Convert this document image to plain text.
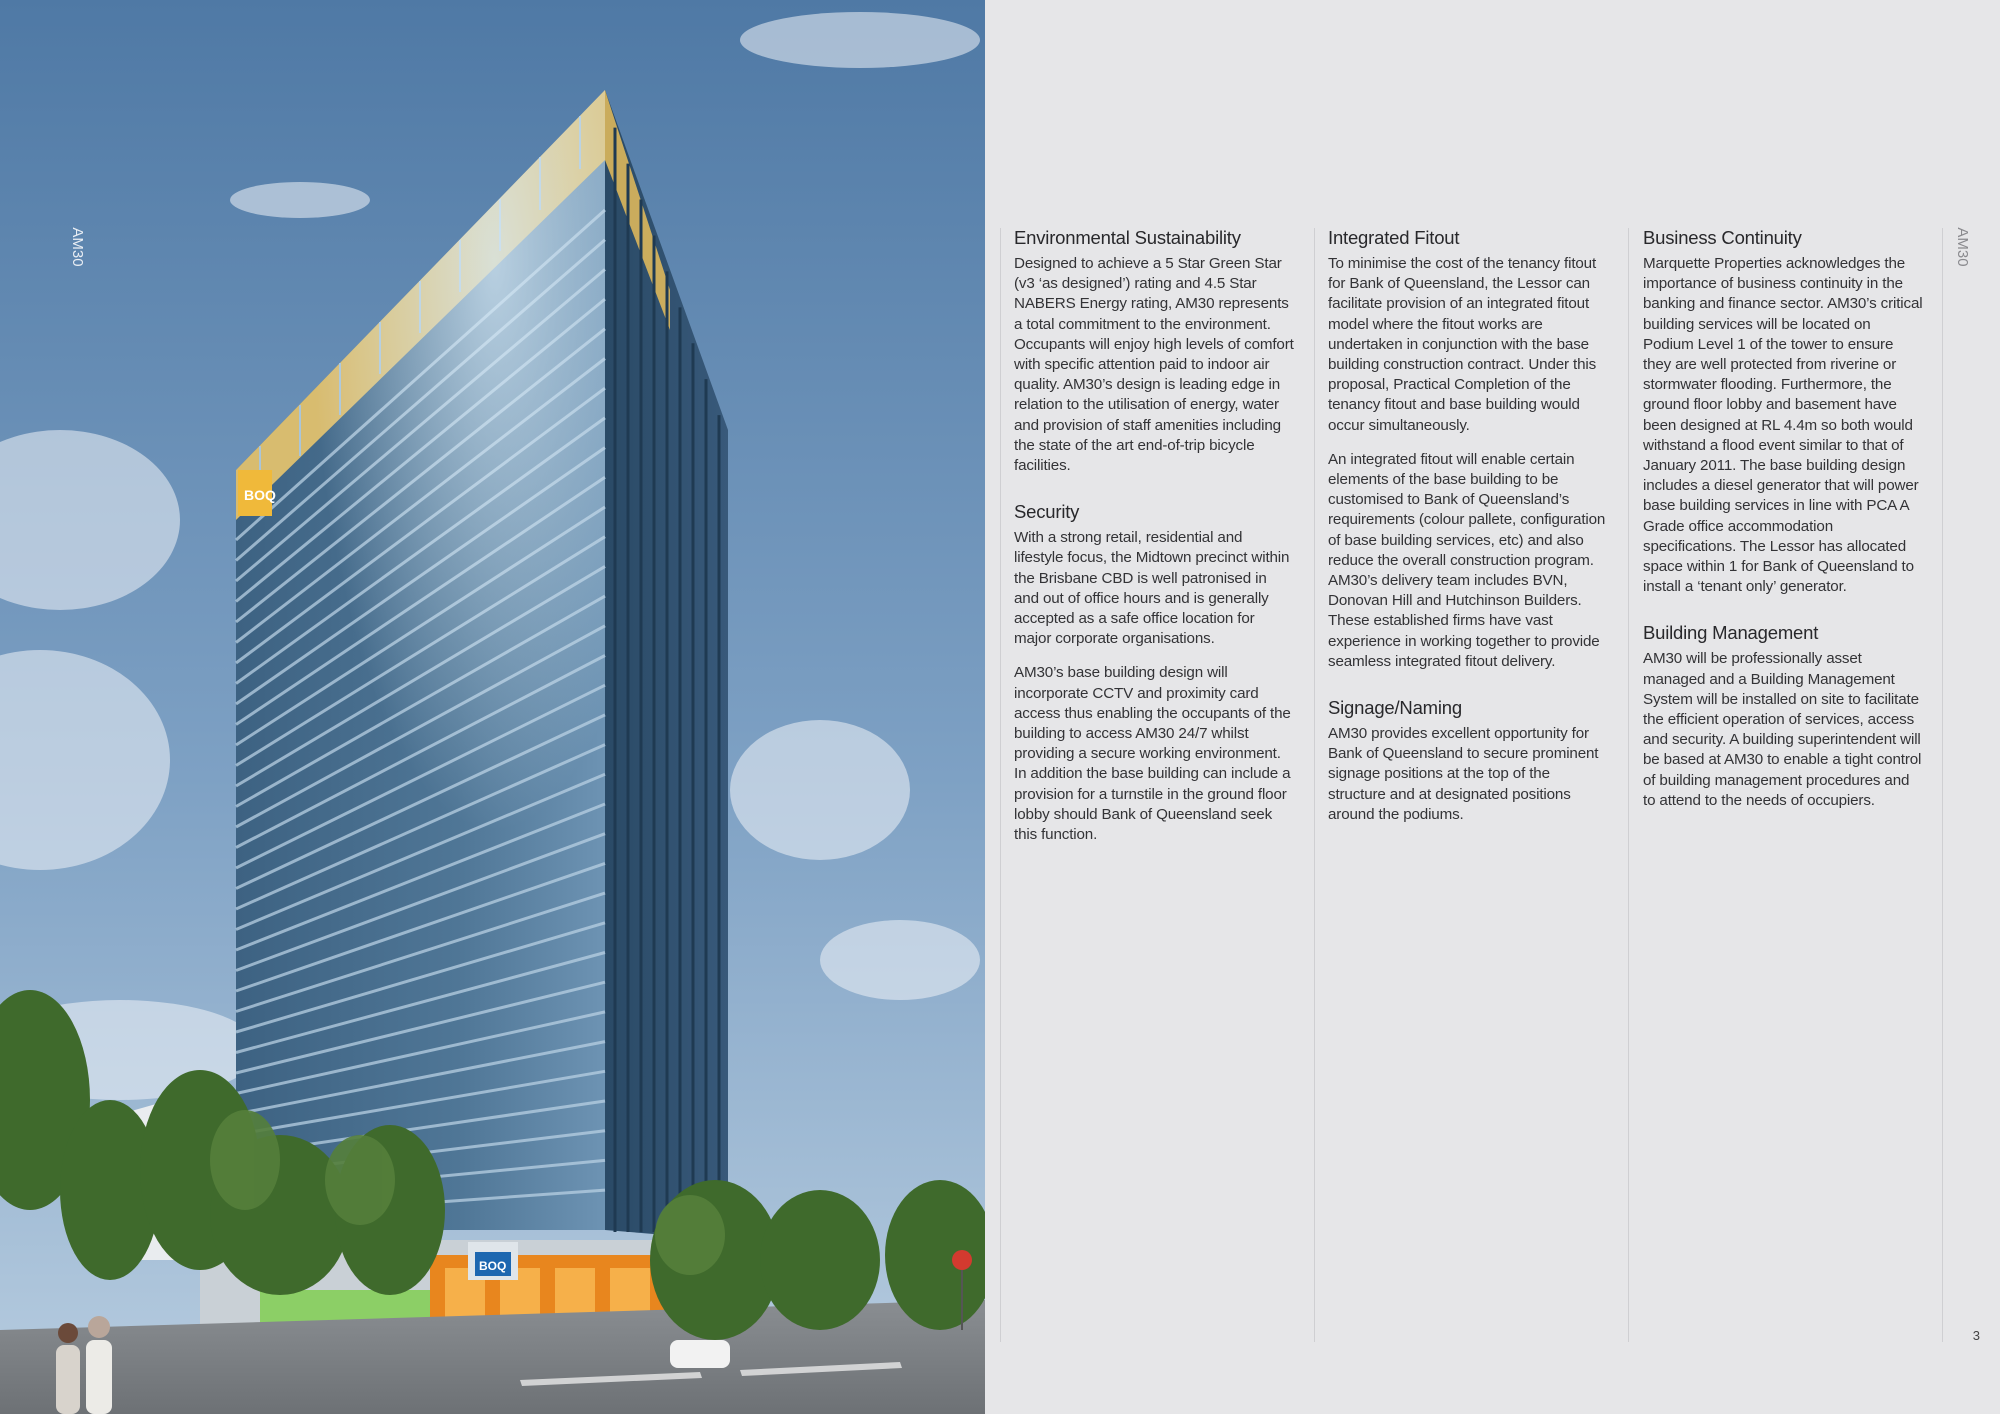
BOQ
BOQ
AM30	AM30
Environmental Sustainability

Designed to achieve a 5 Star Green Star (v3 ‘as designed’) rating and 4.5 Star NABERS Energy rating, AM30 represents a total commitment to the environment. Occupants will enjoy high levels of comfort with specific attention paid to indoor air quality. AM30’s design is leading edge in relation to the utilisation of energy, water and provision of staff amenities including the state of the art end-of-trip bicycle facilities.

Security

With a strong retail, residential and lifestyle focus, the Midtown precinct within the Brisbane CBD is well patronised in and out of office hours and is generally accepted as a safe office location for major corporate organisations.

AM30’s base building design will incorporate CCTV and proximity card access thus enabling the occupants of the building to access AM30 24/7 whilst providing a secure working environment. In addition the base building can include a provision for a turnstile in the ground floor lobby should Bank of Queensland seek this function.

Integrated Fitout

To minimise the cost of the tenancy fitout for Bank of Queensland, the Lessor can facilitate provision of an integrated fitout model where the fitout works are undertaken in conjunction with the base building construction contract. Under this proposal, Practical Completion of the tenancy fitout and base building would occur simultaneously.

An integrated fitout will enable certain elements of the base building to be customised to Bank of Queensland’s requirements (colour pallete, configuration of base building services, etc) and also reduce the overall construction program. AM30’s delivery team includes BVN, Donovan Hill and Hutchinson Builders. These established firms have vast experience in working together to provide seamless integrated fitout delivery.

Signage/Naming

AM30 provides excellent opportunity for Bank of Queensland to secure prominent signage positions at the top of the structure and at designated positions around the podiums.

Business Continuity

Marquette Properties acknowledges the importance of business continuity in the banking and finance sector. AM30’s critical building services will be located on Podium Level 1 of the tower to ensure they are well protected from riverine or stormwater flooding. Furthermore, the ground floor lobby and basement have been designed at RL 4.4m so both would withstand a flood event similar to that of January 2011. The base building design includes a diesel generator that will power base building services in line with PCA A Grade office accommodation specifications. The Lessor has allocated space within 1 for Bank of Queensland to install a ‘tenant only’ generator.

Building Management

AM30 will be professionally asset managed and a Building Management System will be installed on site to facilitate the efficient operation of services, access and security. A building superintendent will be based at AM30 to enable a tight control of building management procedures and to attend to the needs of occupiers.

3
